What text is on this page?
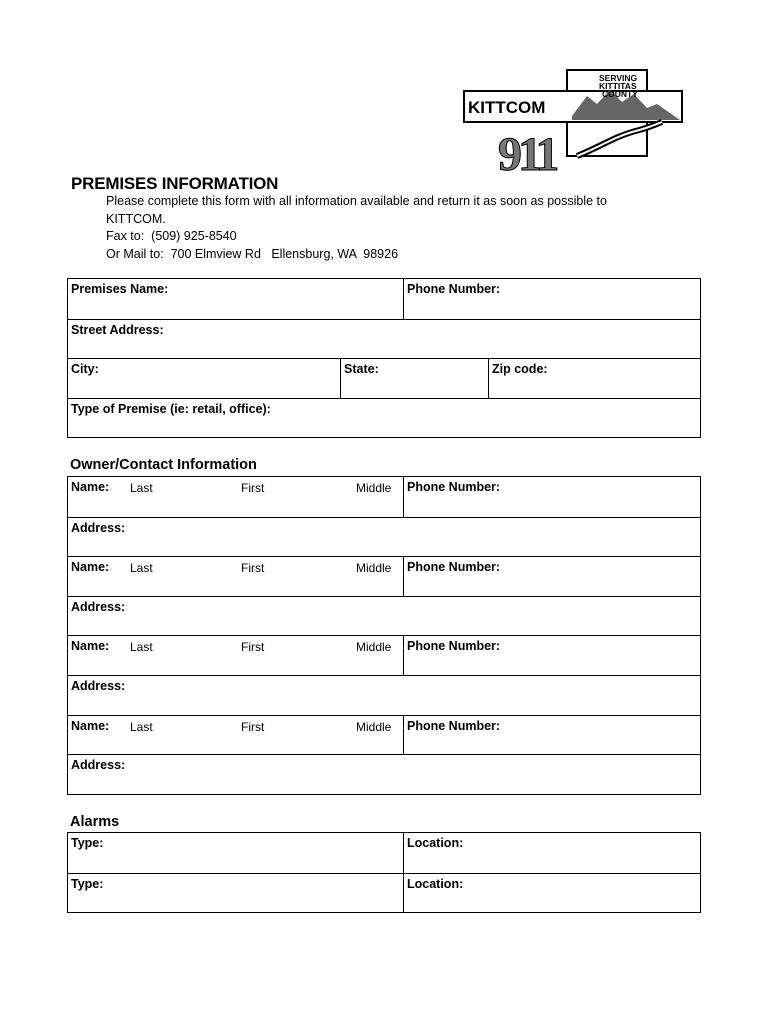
SERVING
KITTITAS
COUNTY
KITTCOM
911
PREMISES INFORMATION
Please complete this form with all information available and return it as soon as possible to
KITTCOM.
Fax to:  (509) 925-8540
Or Mail to:  700 Elmview Rd   Ellensburg, WA  98926
Premises Name:	Phone Number:
Street Address:
City:	State:	Zip code:
Type of Premise (ie: retail, office):
Owner/Contact Information
Name: Last	First	Middle Phone Number:
Address:
Name: Last	First	Middle Phone Number:
Address:
Name: Last	First	Middle Phone Number:
Address:
Name: Last	First	Middle Phone Number:
Address:
Alarms
Type:	Location:
Type:	Location:
